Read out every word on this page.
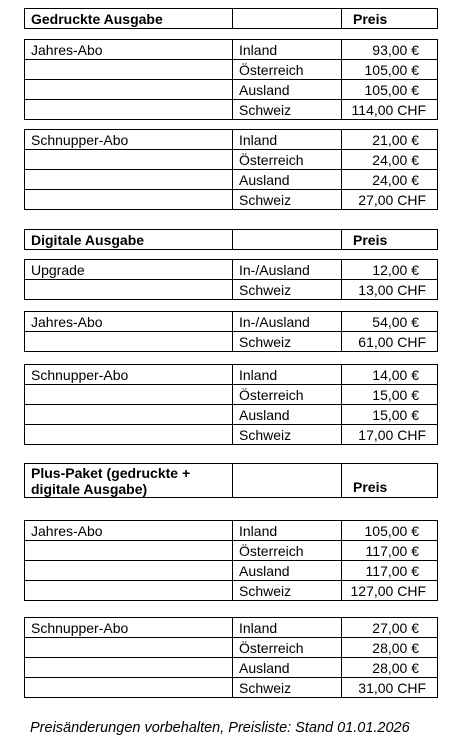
Gedruckte Ausgabe		Preis
Jahres-Abo	Inland	93,00 €
	Österreich	105,00 €
	Ausland	105,00 €
	Schweiz	114,00 CHF
Schnupper-Abo	Inland	21,00 €
	Österreich	24,00 €
	Ausland	24,00 €
	Schweiz	27,00 CHF
Digitale Ausgabe		Preis
Upgrade	In-/Ausland	12,00 €
	Schweiz	13,00 CHF
Jahres-Abo	In-/Ausland	54,00 €
	Schweiz	61,00 CHF
Schnupper-Abo	Inland	14,00 €
	Österreich	15,00 €
	Ausland	15,00 €
	Schweiz	17,00 CHF
Plus-Paket (gedruckte +
digitale Ausgabe)		Preis
Jahres-Abo	Inland	105,00 €
	Österreich	117,00 €
	Ausland	117,00 €
	Schweiz	127,00 CHF
Schnupper-Abo	Inland	27,00 €
	Österreich	28,00 €
	Ausland	28,00 €
	Schweiz	31,00 CHF
Preisänderungen vorbehalten, Preisliste: Stand 01.01.2026
